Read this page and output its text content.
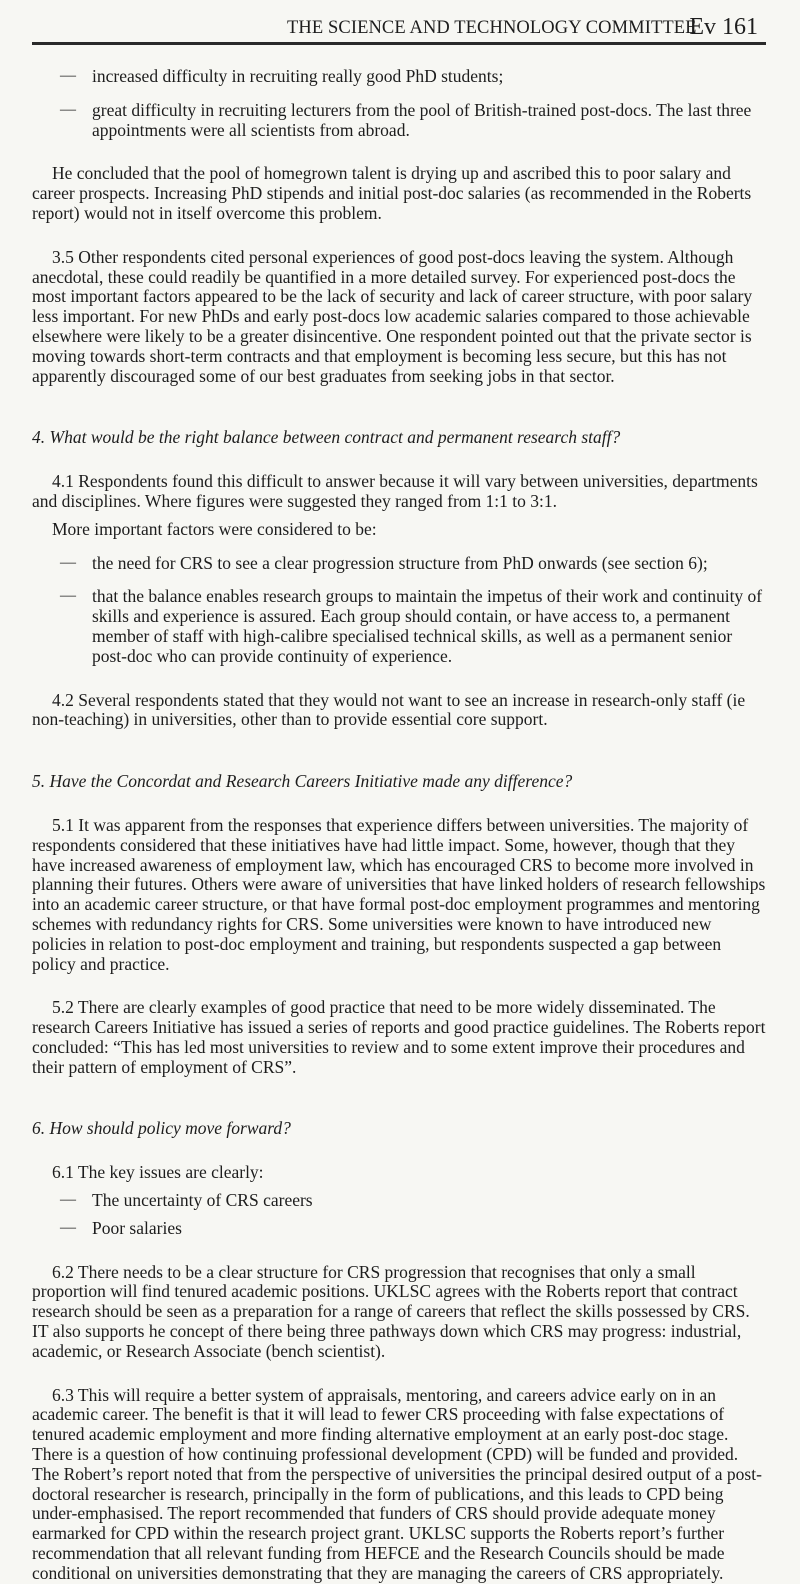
THE SCIENCE AND TECHNOLOGY COMMITTEE
Ev 161
— increased difficulty in recruiting really good PhD students;

— great difficulty in recruiting lecturers from the pool of British-trained post-docs. The last three appointments were all scientists from abroad.

He concluded that the pool of homegrown talent is drying up and ascribed this to poor salary and career prospects. Increasing PhD stipends and initial post-doc salaries (as recommended in the Roberts report) would not in itself overcome this problem.

3.5 Other respondents cited personal experiences of good post-docs leaving the system. Although anecdotal, these could readily be quantified in a more detailed survey. For experienced post-docs the most important factors appeared to be the lack of security and lack of career structure, with poor salary less important. For new PhDs and early post-docs low academic salaries compared to those achievable elsewhere were likely to be a greater disincentive. One respondent pointed out that the private sector is moving towards short-term contracts and that employment is becoming less secure, but this has not apparently discouraged some of our best graduates from seeking jobs in that sector.

4. What would be the right balance between contract and permanent research staff?

4.1 Respondents found this difficult to answer because it will vary between universities, departments and disciplines. Where figures were suggested they ranged from 1:1 to 3:1.

More important factors were considered to be:

— the need for CRS to see a clear progression structure from PhD onwards (see section 6);

— that the balance enables research groups to maintain the impetus of their work and continuity of skills and experience is assured. Each group should contain, or have access to, a permanent member of staff with high-calibre specialised technical skills, as well as a permanent senior post-doc who can provide continuity of experience.

4.2 Several respondents stated that they would not want to see an increase in research-only staff (ie non-teaching) in universities, other than to provide essential core support.

5. Have the Concordat and Research Careers Initiative made any difference?

5.1 It was apparent from the responses that experience differs between universities. The majority of respondents considered that these initiatives have had little impact. Some, however, though that they have increased awareness of employment law, which has encouraged CRS to become more involved in planning their futures. Others were aware of universities that have linked holders of research fellowships into an academic career structure, or that have formal post-doc employment programmes and mentoring schemes with redundancy rights for CRS. Some universities were known to have introduced new policies in relation to post-doc employment and training, but respondents suspected a gap between policy and practice.

5.2 There are clearly examples of good practice that need to be more widely disseminated. The research Careers Initiative has issued a series of reports and good practice guidelines. The Roberts report concluded: “This has led most universities to review and to some extent improve their procedures and their pattern of employment of CRS”.

6. How should policy move forward?

6.1 The key issues are clearly:

— The uncertainty of CRS careers

— Poor salaries

6.2 There needs to be a clear structure for CRS progression that recognises that only a small proportion will find tenured academic positions. UKLSC agrees with the Roberts report that contract research should be seen as a preparation for a range of careers that reflect the skills possessed by CRS. IT also supports he concept of there being three pathways down which CRS may progress: industrial, academic, or Research Associate (bench scientist).

6.3 This will require a better system of appraisals, mentoring, and careers advice early on in an academic career. The benefit is that it will lead to fewer CRS proceeding with false expectations of tenured academic employment and more finding alternative employment at an early post-doc stage. There is a question of how continuing professional development (CPD) will be funded and provided. The Robert’s report noted that from the perspective of universities the principal desired output of a post-doctoral researcher is research, principally in the form of publications, and this leads to CPD being under-emphasised. The report recommended that funders of CRS should provide adequate money earmarked for CPD within the research project grant. UKLSC supports the Roberts report’s further recommendation that all relevant funding from HEFCE and the Research Councils should be made conditional on universities demonstrating that they are managing the careers of CRS appropriately.
